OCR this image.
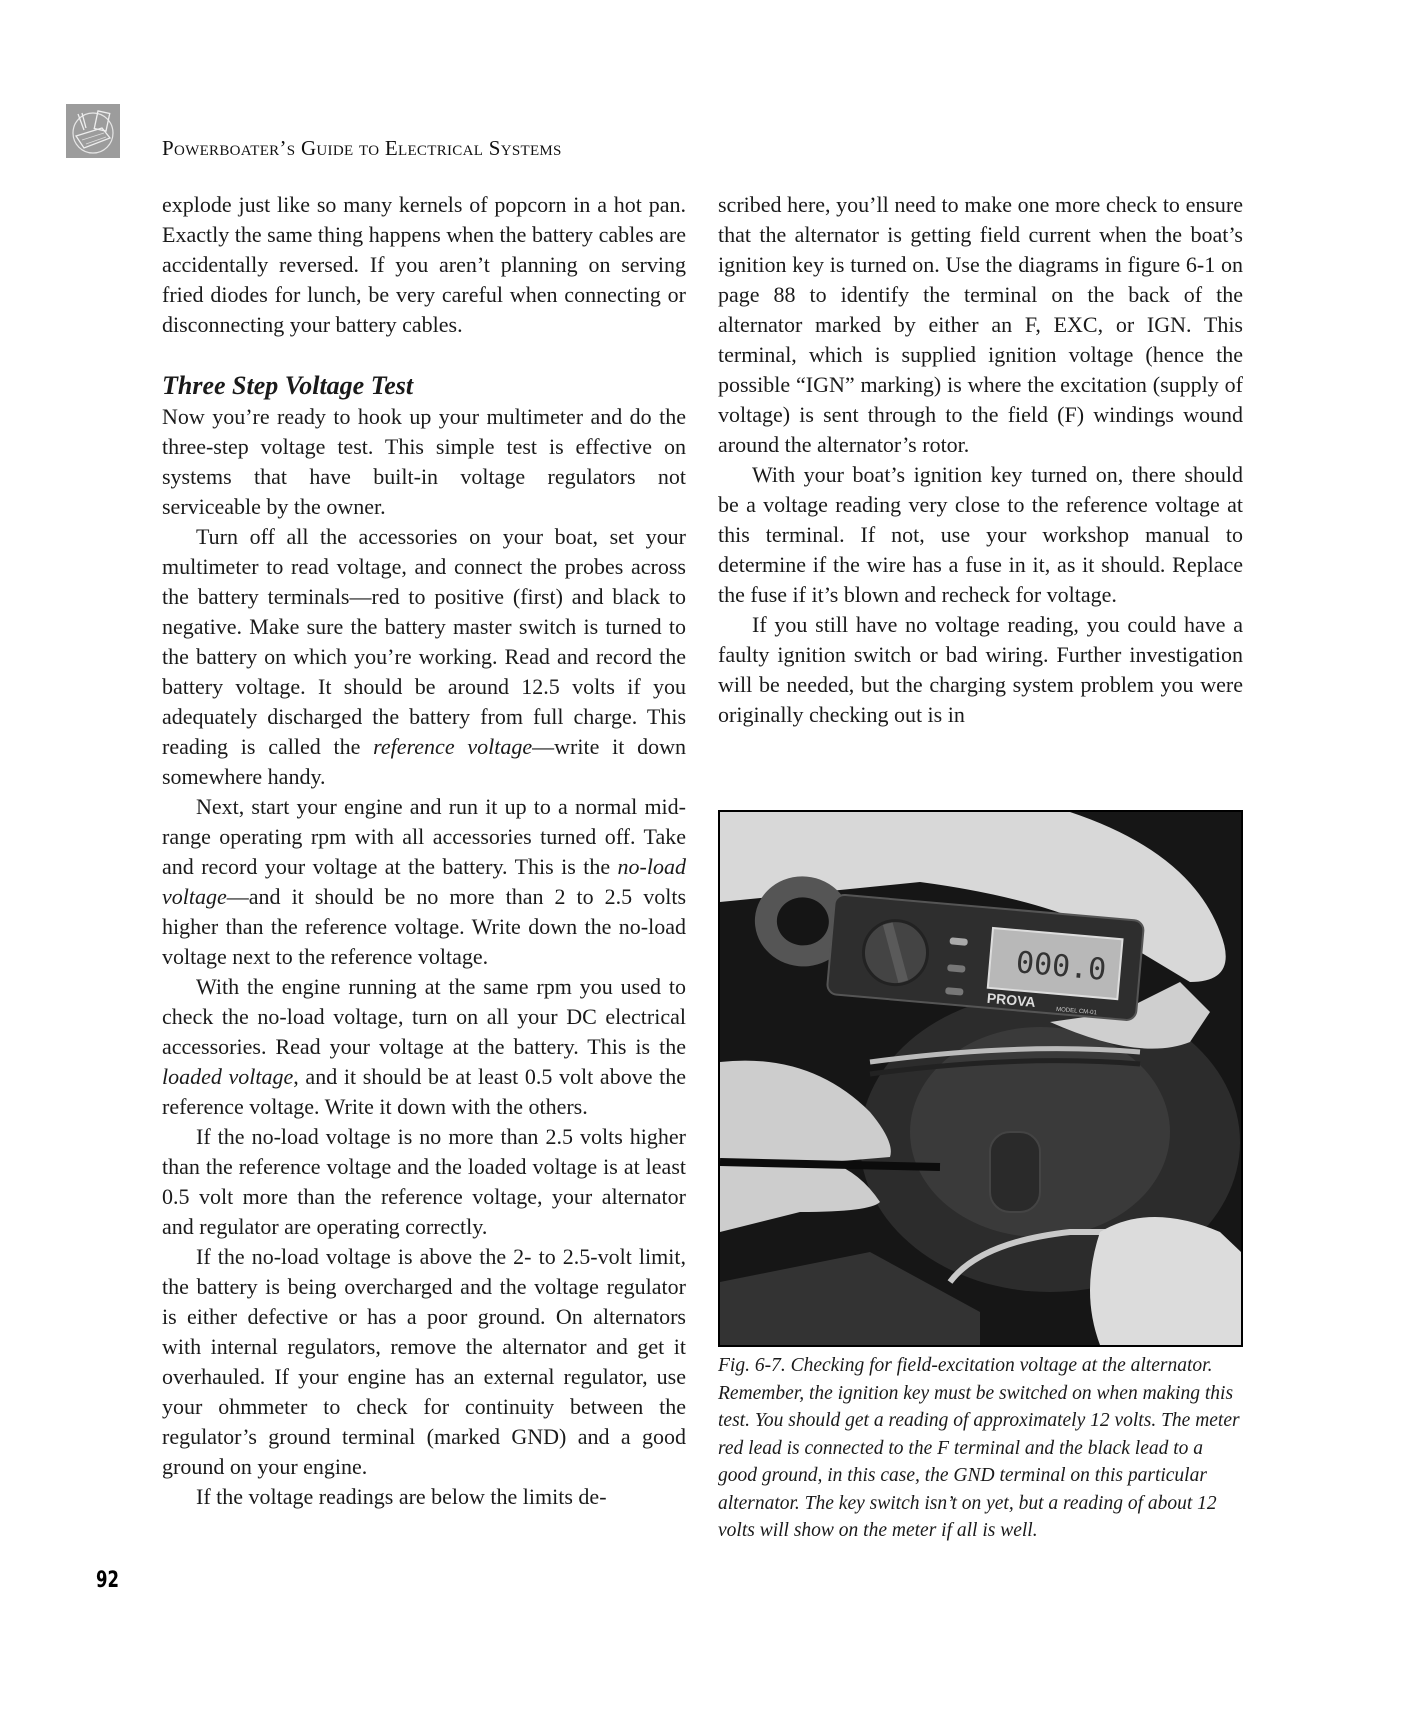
Powerboater’s Guide to Electrical Systems

explode just like so many kernels of popcorn in a hot pan. Exactly the same thing happens when the battery cables are accidentally reversed. If you aren’t planning on serving fried diodes for lunch, be very careful when connecting or disconnecting your battery cables.

Three Step Voltage Test

Now you’re ready to hook up your multimeter and do the three-step voltage test. This simple test is effective on systems that have built-in voltage regulators not serviceable by the owner.

Turn off all the accessories on your boat, set your multimeter to read voltage, and connect the probes across the battery terminals—red to positive (first) and black to negative. Make sure the battery master switch is turned to the battery on which you’re working. Read and record the battery voltage. It should be around 12.5 volts if you adequately discharged the battery from full charge. This reading is called the reference voltage—write it down somewhere handy.

Next, start your engine and run it up to a normal mid-range operating rpm with all accessories turned off. Take and record your voltage at the battery. This is the no-load voltage—and it should be no more than 2 to 2.5 volts higher than the reference voltage. Write down the no-load voltage next to the reference voltage.

With the engine running at the same rpm you used to check the no-load voltage, turn on all your DC electrical accessories. Read your voltage at the battery. This is the loaded voltage, and it should be at least 0.5 volt above the reference voltage. Write it down with the others.

If the no-load voltage is no more than 2.5 volts higher than the reference voltage and the loaded voltage is at least 0.5 volt more than the reference voltage, your alternator and regulator are operating correctly.

If the no-load voltage is above the 2- to 2.5-volt limit, the battery is being overcharged and the voltage regulator is either defective or has a poor ground. On alternators with internal regulators, remove the alternator and get it overhauled. If your engine has an external regulator, use your ohmmeter to check for continuity between the regulator’s ground terminal (marked GND) and a good ground on your engine.

If the voltage readings are below the limits de-

scribed here, you’ll need to make one more check to ensure that the alternator is getting field current when the boat’s ignition key is turned on. Use the diagrams in figure 6-1 on page 88 to identify the terminal on the back of the alternator marked by either an F, EXC, or IGN. This terminal, which is supplied ignition voltage (hence the possible “IGN” marking) is where the excitation (supply of voltage) is sent through to the field (F) windings wound around the alternator’s rotor.

With your boat’s ignition key turned on, there should be a voltage reading very close to the reference voltage at this terminal. If not, use your workshop manual to determine if the wire has a fuse in it, as it should. Replace the fuse if it’s blown and recheck for voltage.

If you still have no voltage reading, you could have a faulty ignition switch or bad wiring. Further investigation will be needed, but the charging system problem you were originally checking out is in

000.0
PROVA
MODEL CM-01
Fig. 6-7. Checking for field-excitation voltage at the alternator. Remember, the ignition key must be switched on when making this test. You should get a reading of approximately 12 volts. The meter red lead is connected to the F terminal and the black lead to a good ground, in this case, the GND terminal on this particular alternator. The key switch isn’t on yet, but a reading of about 12 volts will show on the meter if all is well.
92
